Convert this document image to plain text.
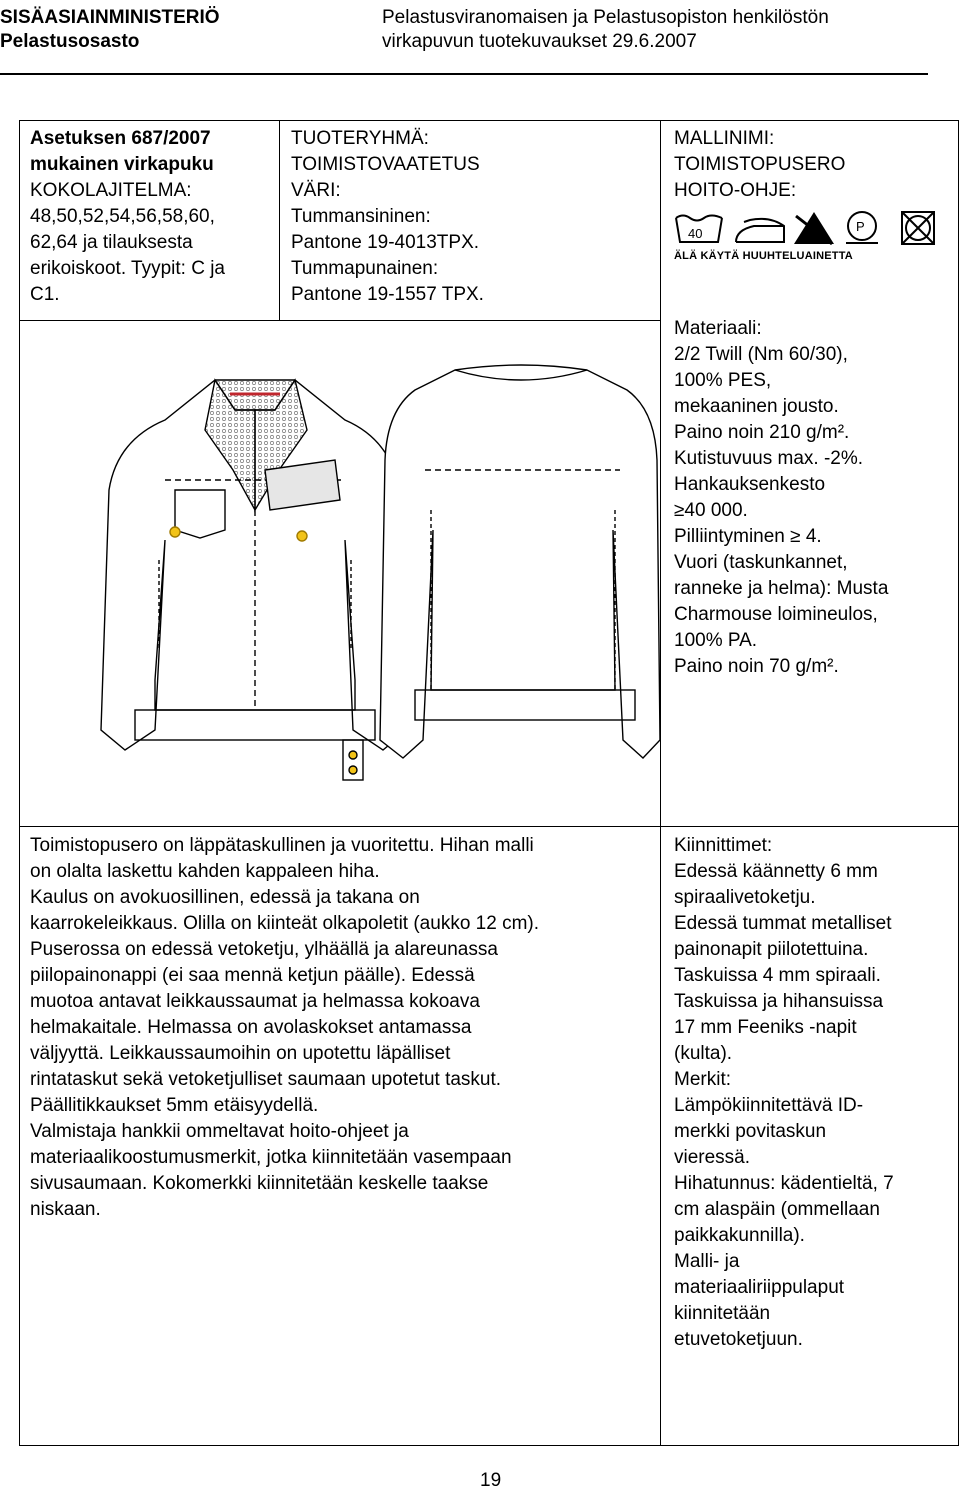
SISÄASIAINMINISTERIÖ
Pelastusosasto
Pelastusviranomaisen ja Pelastusopiston henkilöstön
virkapuvun tuotekuvaukset 29.6.2007
Asetuksen 687/2007
mukainen virkapuku
KOKOLAJITELMA:
48,50,52,54,56,58,60,
62,64 ja tilauksesta
erikoiskoot. Tyypit: C ja
C1.
TUOTERYHMÄ:
TOIMISTOVAATETUS
VÄRI:
Tummansininen:
Pantone 19-4013TPX.
Tummapunainen:
Pantone 19-1557 TPX.
MALLINIMI:
TOIMISTOPUSERO
HOITO-OHJE:
40	P
ÄLÄ KÄYTÄ HUUHTELUAINETTA
Materiaali:
2/2 Twill (Nm 60/30),
100% PES,
mekaaninen jousto.
Paino noin 210 g/m².
Kutistuvuus max. -2%.
Hankauksenkesto
≥40 000.
Pilliintyminen ≥ 4.
Vuori (taskunkannet,
ranneke ja helma): Musta
Charmouse loimineulos,
100% PA.
Paino noin 70 g/m².
Toimistopusero on läppätaskullinen ja vuoritettu. Hihan malli
on olalta laskettu kahden kappaleen hiha.
Kaulus on avokuosillinen, edessä ja takana on
kaarrokeleikkaus. Olilla on kiinteät olkapoletit (aukko 12 cm).
Puserossa on edessä vetoketju, ylhäällä ja alareunassa
piilopainonappi (ei saa mennä ketjun päälle). Edessä
muotoa antavat leikkaussaumat ja helmassa kokoava
helmakaitale. Helmassa on avolaskokset antamassa
väljyyttä. Leikkaussaumoihin on upotettu läpälliset
rintataskut sekä vetoketjulliset saumaan upotetut taskut.
Päällitikkaukset 5mm etäisyydellä.
Valmistaja hankkii ommeltavat hoito-ohjeet ja
materiaalikoostumusmerkit, jotka kiinnitetään vasempaan
sivusaumaan. Kokomerkki kiinnitetään keskelle taakse
niskaan.
Kiinnittimet:
Edessä käännetty 6 mm
spiraalivetoketju.
Edessä tummat metalliset
painonapit piilotettuina.
Taskuissa 4 mm spiraali.
Taskuissa ja hihansuissa
17 mm Feeniks -napit
(kulta).
Merkit:
Lämpökiinnitettävä ID-
merkki povitaskun
vieressä.
Hihatunnus: kädentieltä, 7
cm alaspäin (ommellaan
paikkakunnilla).
Malli- ja
materiaaliriippulaput
kiinnitetään
etuvetoketjuun.
19
